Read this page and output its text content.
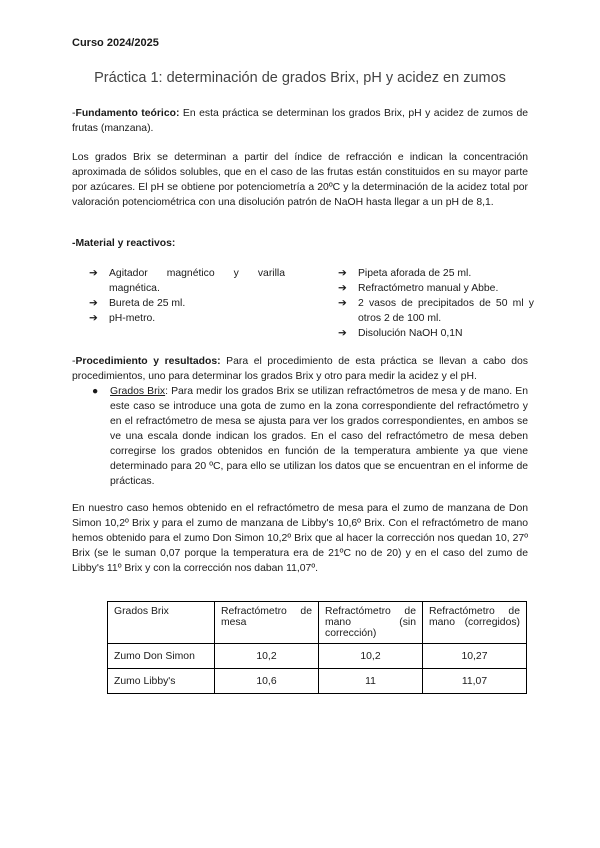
Curso 2024/2025
Práctica 1: determinación de grados Brix, pH y acidez en zumos
-Fundamento teórico: En esta práctica se determinan los grados Brix, pH y acidez de zumos de frutas (manzana).
Los grados Brix se determinan a partir del índice de refracción e indican la concentración aproximada de sólidos solubles, que en el caso de las frutas están constituidos en su mayor parte por azúcares. El pH se obtiene por potenciometría a 20ºC y la determinación de la acidez total por valoración potenciométrica con una disolución patrón de NaOH hasta llegar a un pH de 8,1.
-Material y reactivos:
➔ Agitador magnético y varilla magnética.
➔ Bureta de 25 ml.
➔ pH-metro.
➔ Pipeta aforada de 25 ml.
➔ Refractómetro manual y Abbe.
➔ 2 vasos de precipitados de 50 ml y otros 2 de 100 ml.
➔ Disolución NaOH 0,1N
-Procedimiento y resultados: Para el procedimiento de esta práctica se llevan a cabo dos procedimientos, uno para determinar los grados Brix y otro para medir la acidez y el pH.
● Grados Brix: Para medir los grados Brix se utilizan refractómetros de mesa y de mano. En este caso se introduce una gota de zumo en la zona correspondiente del refractómetro y en el refractómetro de mesa se ajusta para ver los grados correspondientes, en ambos se ve una escala donde indican los grados. En el caso del refractómetro de mesa deben corregirse los grados obtenidos en función de la temperatura ambiente ya que viene determinado para 20 ºC, para ello se utilizan los datos que se encuentran en el informe de prácticas.
En nuestro caso hemos obtenido en el refractómetro de mesa para el zumo de manzana de Don Simon 10,2º Brix y para el zumo de manzana de Libby's 10,6º Brix. Con el refractómetro de mano hemos obtenido para el zumo Don Simon 10,2º Brix que al hacer la corrección nos quedan 10, 27º Brix (se le suman 0,07 porque la temperatura era de 21ºC no de 20) y en el caso del zumo de Libby's 11º Brix y con la corrección nos daban 11,07º.
Grados Brix	Refractómetro de mesa	Refractómetro de mano (sin corrección)	Refractómetro de mano (corregidos)
Zumo Don Simon	10,2	10,2	10,27
Zumo Libby's	10,6	11	11,07
